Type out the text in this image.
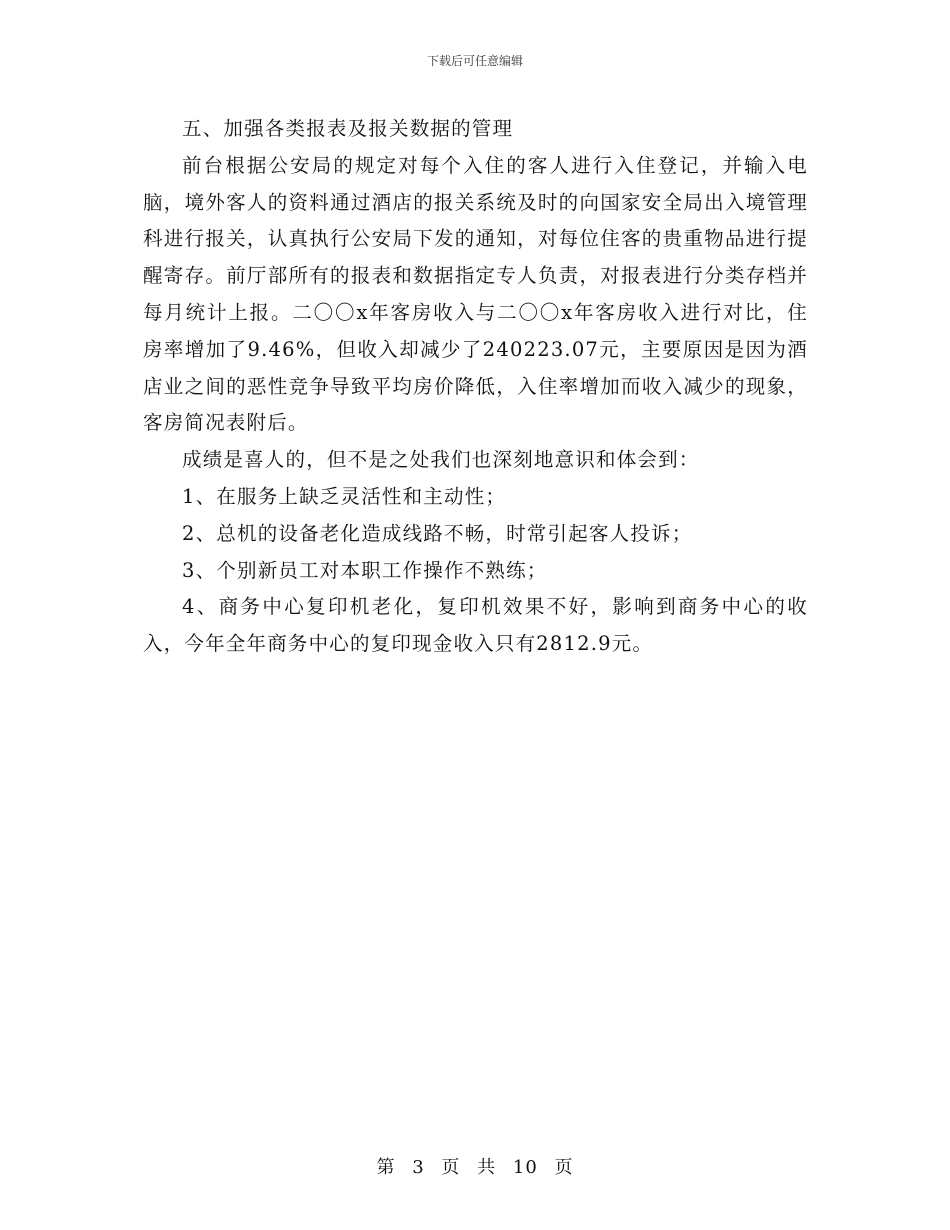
下载后可任意编辑

五、加强各类报表及报关数据的管理

前台根据公安局的规定对每个入住的客人进行入住登记，并输入电脑，境外客人的资料通过酒店的报关系统及时的向国家安全局出入境管理科进行报关，认真执行公安局下发的通知，对每位住客的贵重物品进行提醒寄存。前厅部所有的报表和数据指定专人负责，对报表进行分类存档并每月统计上报。二〇〇x年客房收入与二〇〇x年客房收入进行对比，住房率增加了9.46%，但收入却减少了240223.07元，主要原因是因为酒店业之间的恶性竞争导致平均房价降低，入住率增加而收入减少的现象，客房简况表附后。

成绩是喜人的，但不是之处我们也深刻地意识和体会到：

1、在服务上缺乏灵活性和主动性；

2、总机的设备老化造成线路不畅，时常引起客人投诉；

3、个别新员工对本职工作操作不熟练；

4、商务中心复印机老化，复印机效果不好，影响到商务中心的收入，今年全年商务中心的复印现金收入只有2812.9元。

第 3 页 共 10 页
